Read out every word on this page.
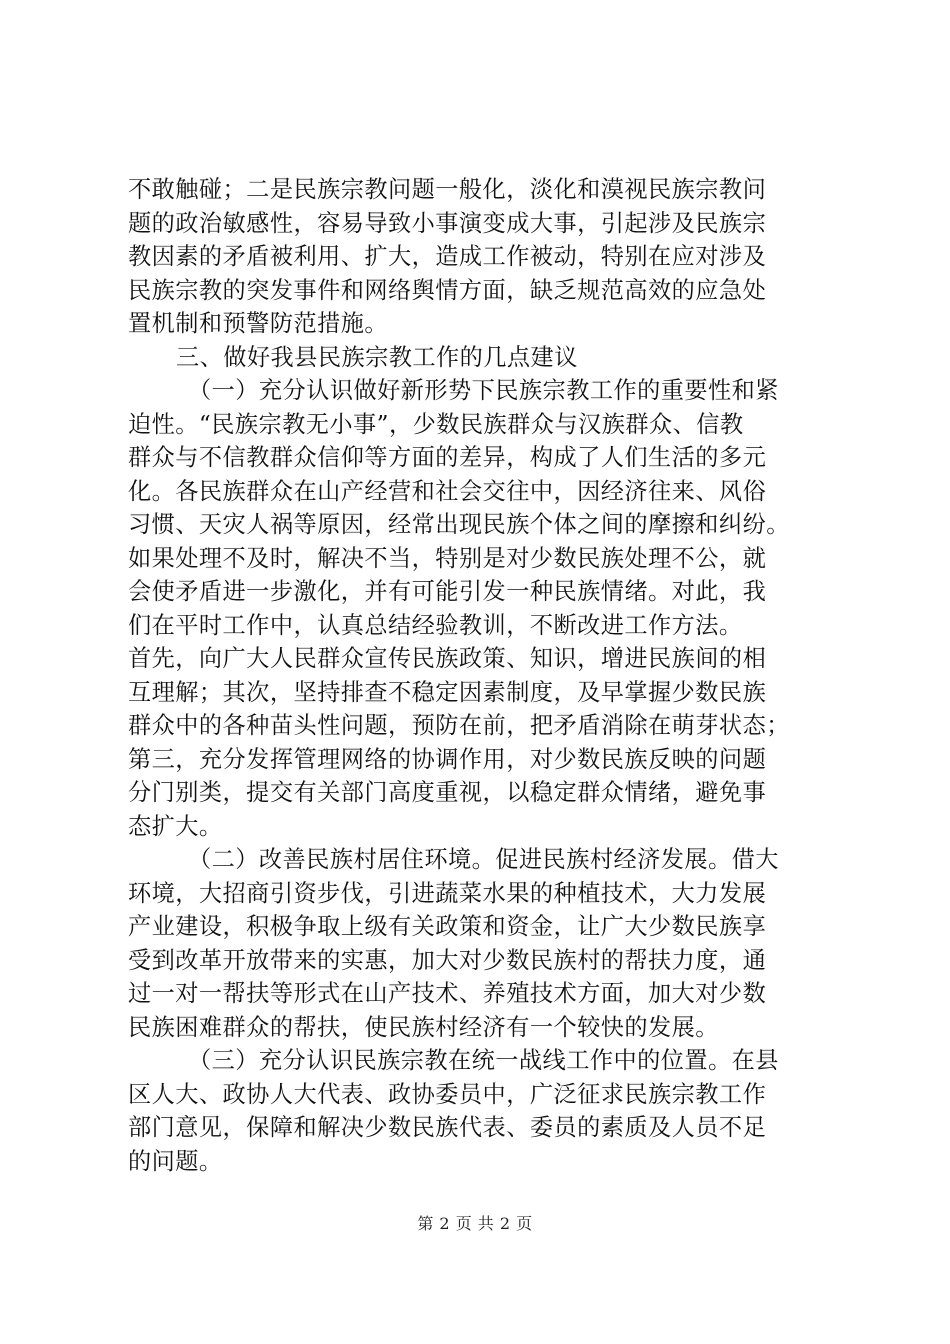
不敢触碰；二是民族宗教问题一般化，淡化和漠视民族宗教问
题的政治敏感性，容易导致小事演变成大事，引起涉及民族宗
教因素的矛盾被利用、扩大，造成工作被动，特别在应对涉及
民族宗教的突发事件和网络舆情方面，缺乏规范高效的应急处
置机制和预警防范措施。
三、做好我县民族宗教工作的几点建议
（一）充分认识做好新形势下民族宗教工作的重要性和紧
迫性。“民族宗教无小事”，少数民族群众与汉族群众、信教
群众与不信教群众信仰等方面的差异，构成了人们生活的多元
化。各民族群众在山产经营和社会交往中，因经济往来、风俗
习惯、天灾人祸等原因，经常出现民族个体之间的摩擦和纠纷。
如果处理不及时，解决不当，特别是对少数民族处理不公，就
会使矛盾进一步激化，并有可能引发一种民族情绪。对此，我
们在平时工作中，认真总结经验教训，不断改进工作方法。
首先，向广大人民群众宣传民族政策、知识，增进民族间的相
互理解；其次，坚持排查不稳定因素制度，及早掌握少数民族
群众中的各种苗头性问题，预防在前，把矛盾消除在萌芽状态；
第三，充分发挥管理网络的协调作用，对少数民族反映的问题
分门别类，提交有关部门高度重视，以稳定群众情绪，避免事
态扩大。
（二）改善民族村居住环境。促进民族村经济发展。借大
环境，大招商引资步伐，引进蔬菜水果的种植技术，大力发展
产业建设，积极争取上级有关政策和资金，让广大少数民族享
受到改革开放带来的实惠，加大对少数民族村的帮扶力度，通
过一对一帮扶等形式在山产技术、养殖技术方面，加大对少数
民族困难群众的帮扶，使民族村经济有一个较快的发展。
（三）充分认识民族宗教在统一战线工作中的位置。在县
区人大、政协人大代表、政协委员中，广泛征求民族宗教工作
部门意见，保障和解决少数民族代表、委员的素质及人员不足
的问题。
第 2 页 共 2 页
